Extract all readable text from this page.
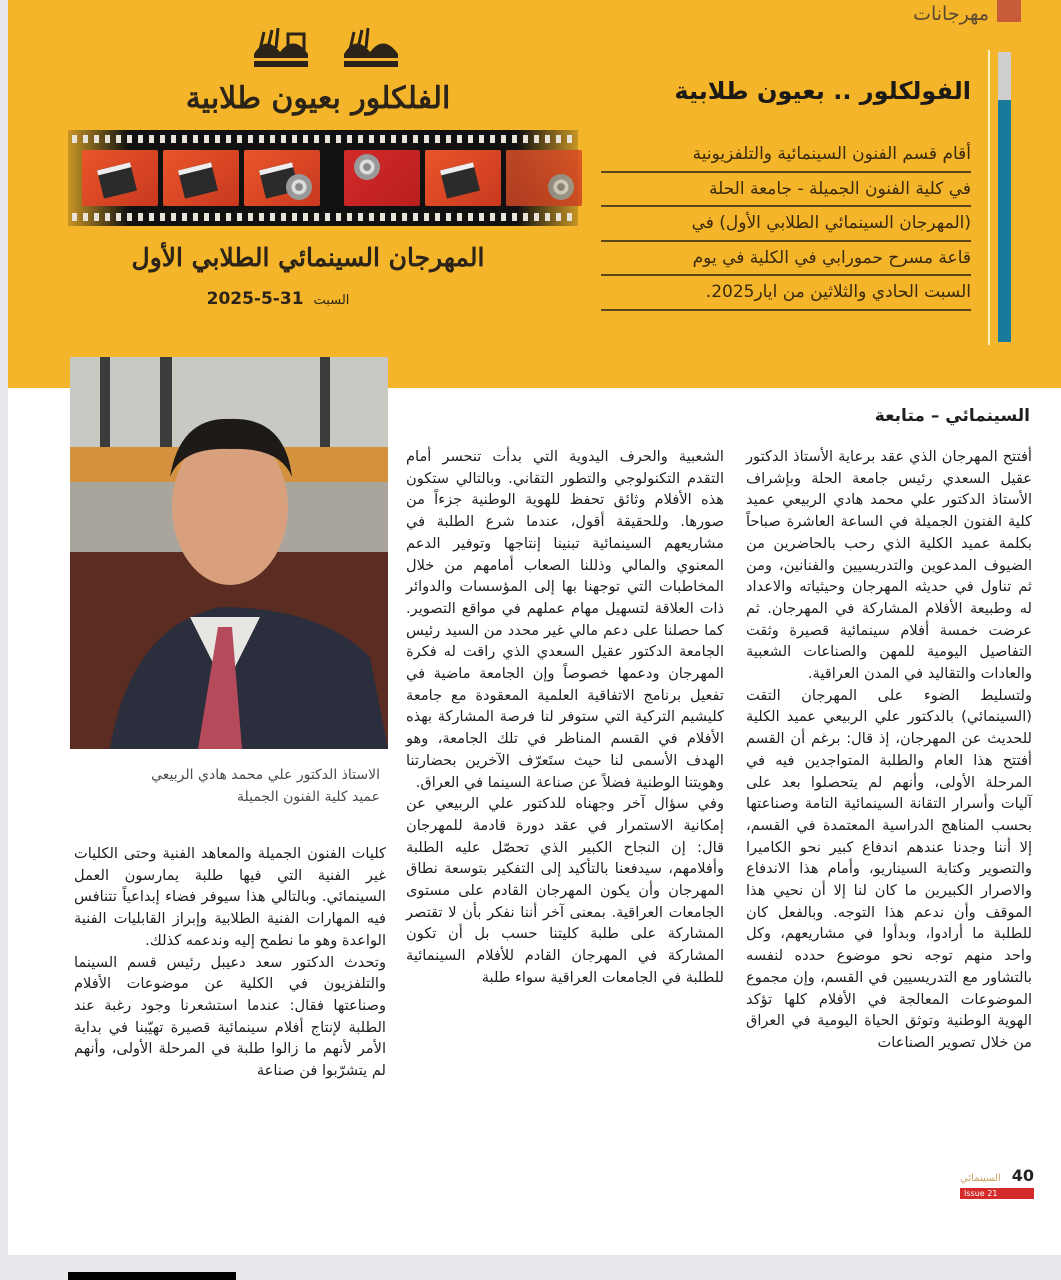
مهرجانات
الفولكلور .. بعيون طلابية
أقام قسم الفنون السينمائية والتلفزيونية
في كلية الفنون الجميلة - جامعة الحلة
(المهرجان السينمائي الطلابي الأول) في
قاعة مسرح حمورابي في الكلية في يوم
السبت الحادي والثلاثين من ايار2025.
الفلكلور بعيون طلابية
المهرجان السينمائي الطلابي الأول
السبت
2025-5-31
الاستاذ الدكتور علي محمد هادي الربيعي
عميد كلية الفنون الجميلة
السينمائي – متابعة

أفتتح المهرجان الذي عقد برعاية الأستاذ الدكتور عقيل السعدي رئيس جامعة الحلة وبإشراف الأستاذ الدكتور علي محمد هادي الربيعي عميد كلية الفنون الجميلة في الساعة العاشرة صباحاً بكلمة عميد الكلية الذي رحب بالحاضرين من الضيوف المدعوين والتدريسيين والفنانين، ومن ثم تناول في حديثه المهرجان وحيثياته والاعداد له وطبيعة الأفلام المشاركة في المهرجان. ثم عرضت خمسة أفلام سينمائية قصيرة وثقت التفاصيل اليومية للمهن والصناعات الشعبية والعادات والتقاليد في المدن العراقية.

ولتسليط الضوء على المهرجان التقت (السينمائي) بالدكتور علي الربيعي عميد الكلية للحديث عن المهرجان، إذ قال: برغم أن القسم أفتتح هذا العام والطلبة المتواجدين فيه في المرحلة الأولى، وأنهم لم يتحصلوا بعد على آليات وأسرار التقانة السينمائية التامة وصناعتها بحسب المناهج الدراسية المعتمدة في القسم، إلا أننا وجدنا عندهم اندفاع كبير نحو الكاميرا والتصوير وكتابة السيناريو، وأمام هذا الاندفاع والاصرار الكبيرين ما كان لنا إلا أن نحيي هذا الموقف وأن ندعم هذا التوجه. وبالفعل كان للطلبة ما أرادوا، وبدأوا في مشاريعهم، وكل واحد منهم توجه نحو موضوع حدده لنفسه بالتشاور مع التدريسيين في القسم، وإن مجموع الموضوعات المعالجة في الأفلام كلها تؤكد الهوية الوطنية وتوثق الحياة اليومية في العراق من خلال تصوير الصناعات

الشعبية والحرف اليدوية التي بدأت تنحسر أمام التقدم التكنولوجي والتطور التقاني. وبالتالي ستكون هذه الأفلام وثائق تحفظ للهوية الوطنية جزءاً من صورها. وللحقيقة أقول، عندما شرع الطلبة في مشاريعهم السينمائية تبنينا إنتاجها وتوفير الدعم المعنوي والمالي وذللنا الصعاب أمامهم من خلال المخاطبات التي توجهنا بها إلى المؤسسات والدوائر ذات العلاقة لتسهيل مهام عملهم في مواقع التصوير. كما حصلنا على دعم مالي غير محدد من السيد رئيس الجامعة الدكتور عقيل السعدي الذي راقت له فكرة المهرجان ودعمها خصوصاً وإن الجامعة ماضية في تفعيل برنامج الاتفاقية العلمية المعقودة مع جامعة كليشيم التركية التي ستوفر لنا فرصة المشاركة بهذه الأفلام في القسم المناظر في تلك الجامعة، وهو الهدف الأسمى لنا حيث ستَعرّف الآخرين بحضارتنا وهويتنا الوطنية فضلاً عن صناعة السينما في العراق.

وفي سؤال آخر وجهناه للدكتور علي الربيعي عن إمكانية الاستمرار في عقد دورة قادمة للمهرجان قال: إن النجاح الكبير الذي تحصّل عليه الطلبة وأفلامهم، سيدفعنا بالتأكيد إلى التفكير بتوسعة نطاق المهرجان وأن يكون المهرجان القادم على مستوى الجامعات العراقية. بمعنى آخر أننا نفكر بأن لا تقتصر المشاركة على طلبة كليتنا حسب بل أن تكون المشاركة في المهرجان القادم للأفلام السينمائية للطلبة في الجامعات العراقية سواء طلبة

كليات الفنون الجميلة والمعاهد الفنية وحتى الكليات غير الفنية التي فيها طلبة يمارسون العمل السينمائي. وبالتالي هذا سيوفر فضاء إبداعياً تتنافس فيه المهارات الفنية الطلابية وإبراز القابليات الفنية الواعدة وهو ما نطمح إليه وندعمه كذلك.

وتحدث الدكتور سعد دعيبل رئيس قسم السينما والتلفزيون في الكلية عن موضوعات الأفلام وصناعتها فقال: عندما استشعرنا وجود رغبة عند الطلبة لإنتاج أفلام سينمائية قصيرة تهيّبنا في بداية الأمر لأنهم ما زالوا طلبة في المرحلة الأولى، وأنهم لم يتشرّبوا فن صناعة

السينمائي 40
Issue 21
